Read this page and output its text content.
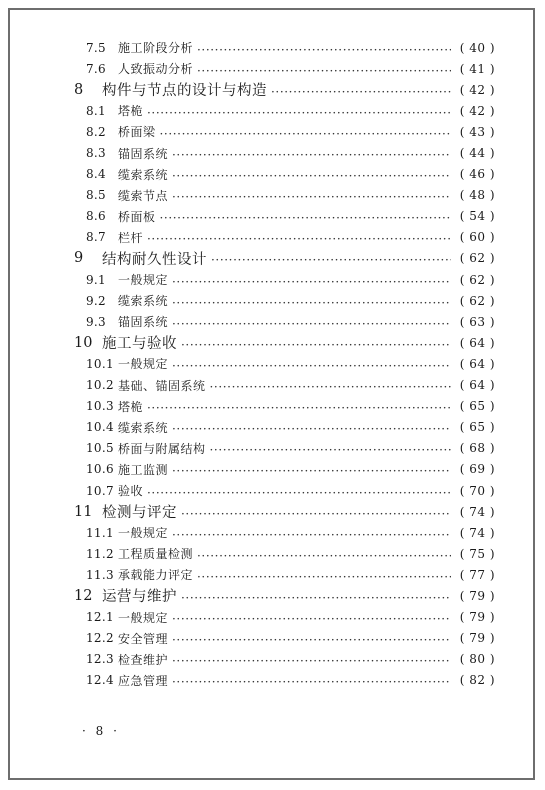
7.5	施工阶段分析 ·····	( 40 )
7.6	人致振动分析 ·····	( 41 )
8	构件与节点的设计与构造 ·····	( 42 )
8.1	塔桅 ·····	( 42 )
8.2	桥面梁 ·····	( 43 )
8.3	锚固系统 ·····	( 44 )
8.4	缆索系统 ·····	( 46 )
8.5	缆索节点 ·····	( 48 )
8.6	桥面板 ·····	( 54 )
8.7	栏杆 ·····	( 60 )
9	结构耐久性设计 ·····	( 62 )
9.1	一般规定 ·····	( 62 )
9.2	缆索系统 ·····	( 62 )
9.3	锚固系统 ·····	( 63 )
10 施工与验收 ·····	( 64 )
10.1 一般规定 ·····	( 64 )
10.2 基础、锚固系统 ·····	( 64 )
10.3 塔桅 ·····	( 65 )
10.4 缆索系统 ·····	( 65 )
10.5 桥面与附属结构 ·····	( 68 )
10.6 施工监测 ·····	( 69 )
10.7 验收 ·····	( 70 )
11 检测与评定 ·····	( 74 )
11.1 一般规定 ·····	( 74 )
11.2 工程质量检测 ·····	( 75 )
11.3 承载能力评定 ·····	( 77 )
12 运营与维护 ·····	( 79 )
12.1 一般规定 ·····	( 79 )
12.2 安全管理 ·····	( 79 )
12.3 检查维护 ·····	( 80 )
12.4 应急管理 ·····	( 82 )
· 8 ·
